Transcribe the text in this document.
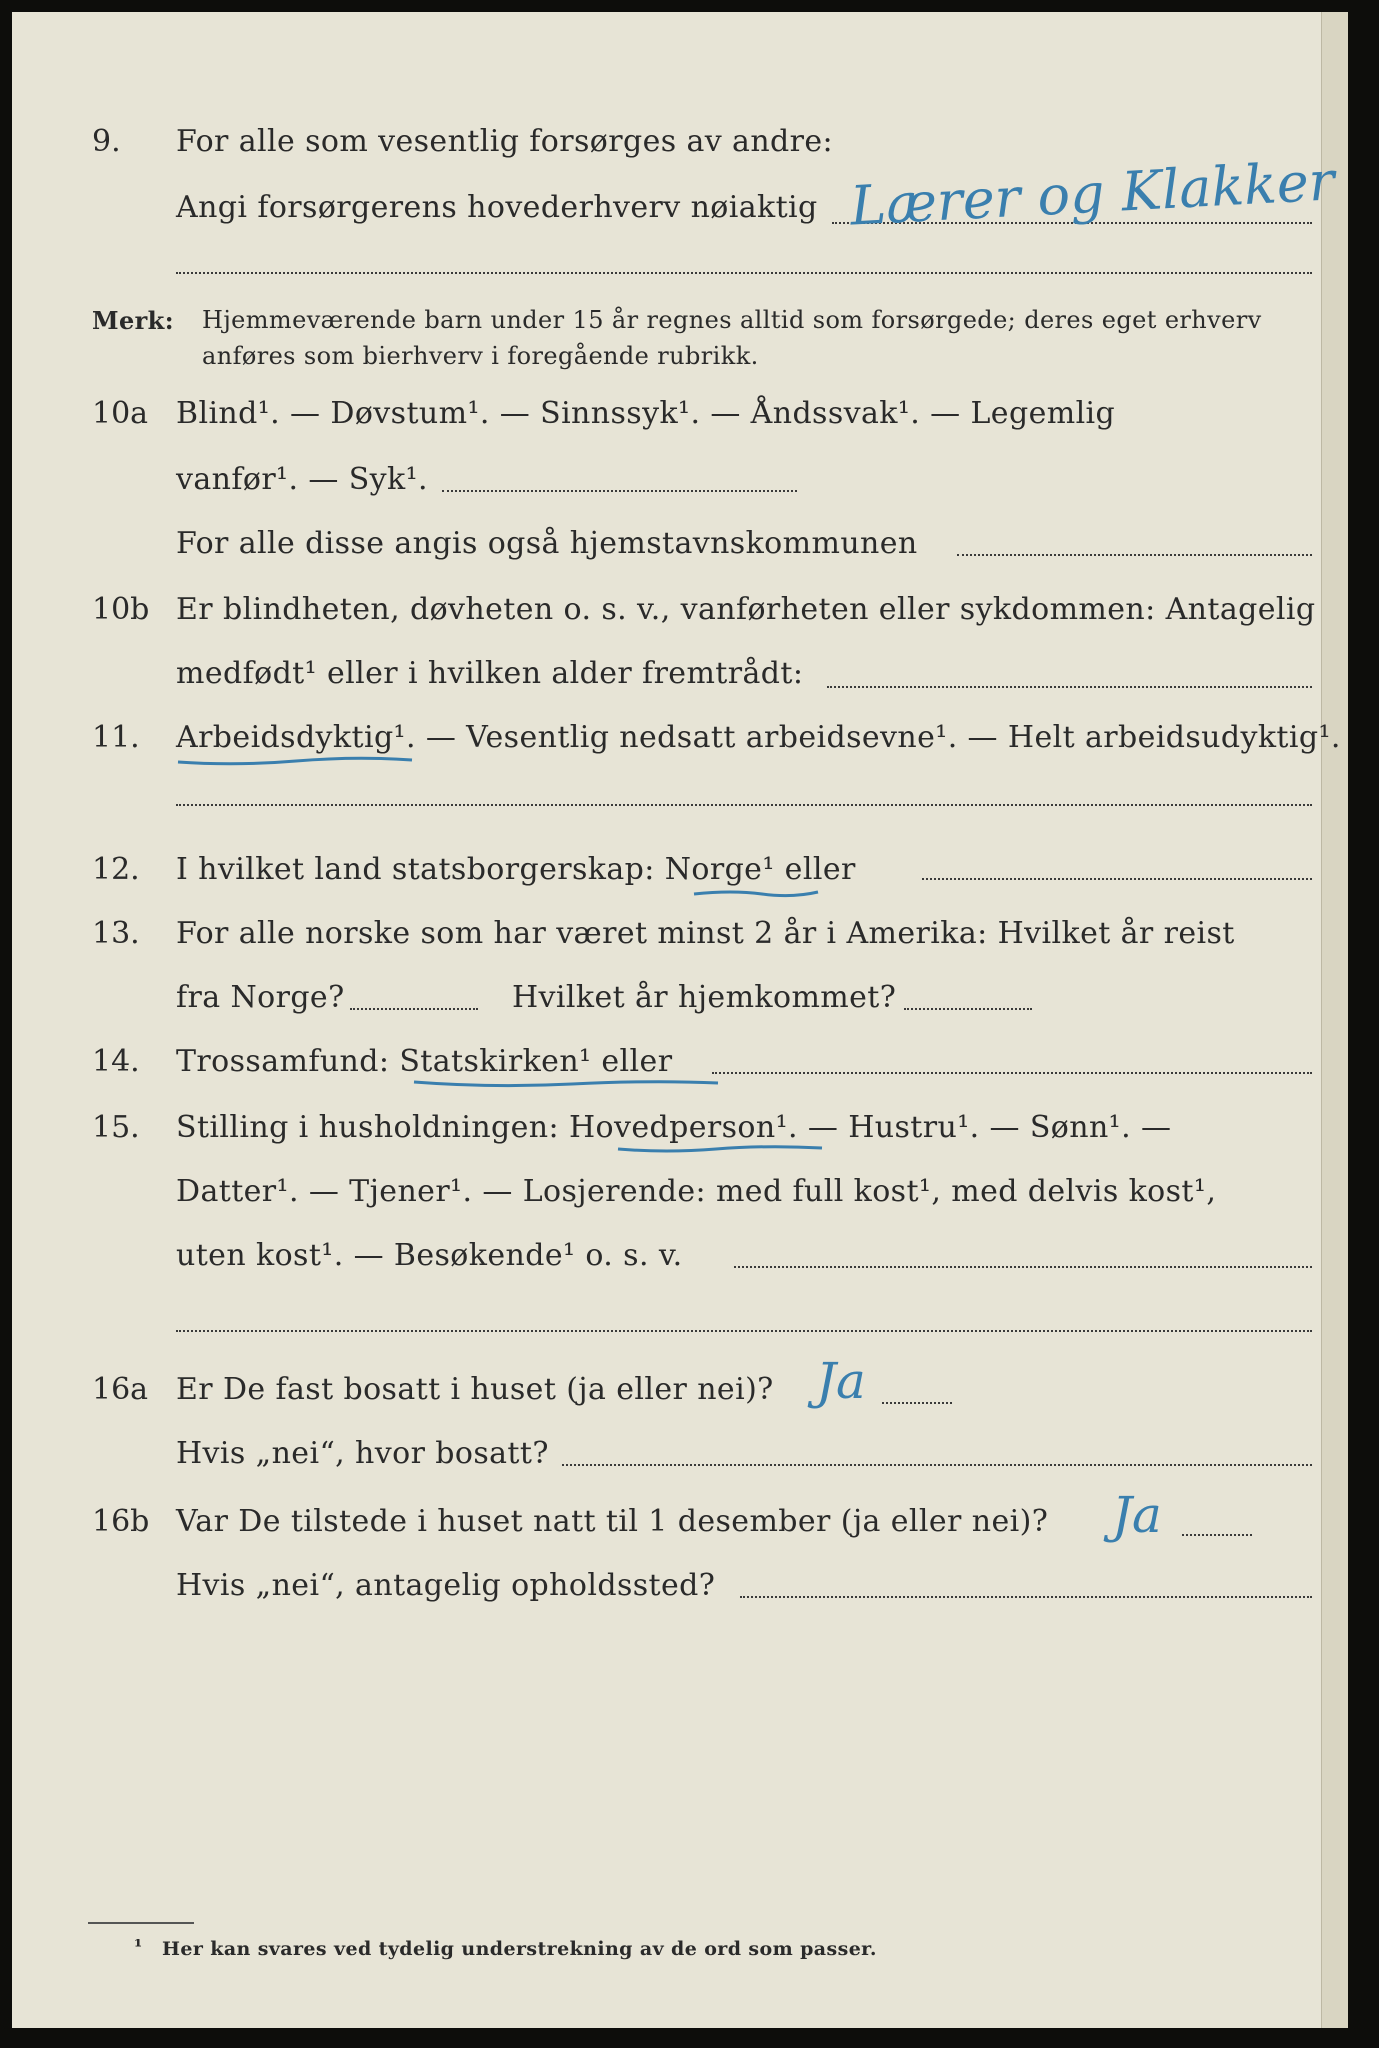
9. For alle som vesentlig forsørges av andre:
Angi forsørgerens hovederhverv nøiaktig Lærer og Klakker
Merk: Hjemmeværende barn under 15 år regnes alltid som forsørgede; deres eget erhverv
anføres som bierhverv i foregående rubrikk.
10a Blind¹. — Døvstum¹. — Sinnssyk¹. — Åndssvak¹. — Legemlig
vanfør¹. — Syk¹.
For alle disse angis også hjemstavnskommunen
10b Er blindheten, døvheten o. s. v., vanførheten eller sykdommen: Antagelig
medfødt¹ eller i hvilken alder fremtrådt:
11. Arbeidsdyktig¹. — Vesentlig nedsatt arbeidsevne¹. — Helt arbeidsudyktig¹.
12. I hvilket land statsborgerskap: Norge¹ eller
13. For alle norske som har været minst 2 år i Amerika: Hvilket år reist
fra Norge?	Hvilket år hjemkommet?
14. Trossamfund: Statskirken¹ eller
15. Stilling i husholdningen: Hovedperson¹. — Hustru¹. — Sønn¹. —
Datter¹. — Tjener¹. — Losjerende: med full kost¹, med delvis kost¹,
uten kost¹. — Besøkende¹ o. s. v.
16a Er De fast bosatt i huset (ja eller nei)? Ja
Hvis „nei“, hvor bosatt?
16b Var De tilstede i huset natt til 1 desember (ja eller nei)? Ja
Hvis „nei“, antagelig opholdssted?
¹ Her kan svares ved tydelig understrekning av de ord som passer.
